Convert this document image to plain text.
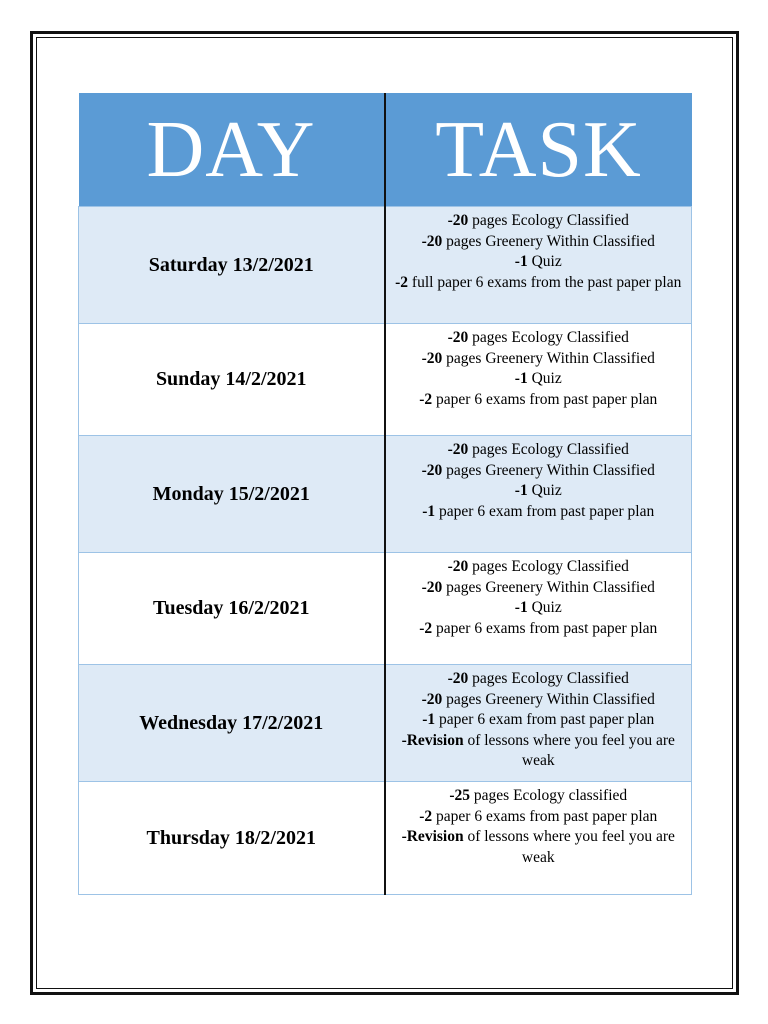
DAY	TASK
Saturday 13/2/2021	-20 pages Ecology Classified
-20 pages Greenery Within Classified
-1 Quiz
-2 full paper 6 exams from the past paper plan

Sunday 14/2/2021	-20 pages Ecology Classified
-20 pages Greenery Within Classified
-1 Quiz
-2 paper 6 exams from past paper plan

Monday 15/2/2021	-20 pages Ecology Classified
-20 pages Greenery Within Classified
-1 Quiz
-1 paper 6 exam from past paper plan

Tuesday 16/2/2021	-20 pages Ecology Classified
-20 pages Greenery Within Classified
-1 Quiz
-2 paper 6 exams from past paper plan

Wednesday 17/2/2021	-20 pages Ecology Classified
-20 pages Greenery Within Classified
-1 paper 6 exam from past paper plan
-Revision of lessons where you feel you are weak

Thursday 18/2/2021	-25 pages Ecology classified
-2 paper 6 exams from past paper plan
-Revision of lessons where you feel you are weak
